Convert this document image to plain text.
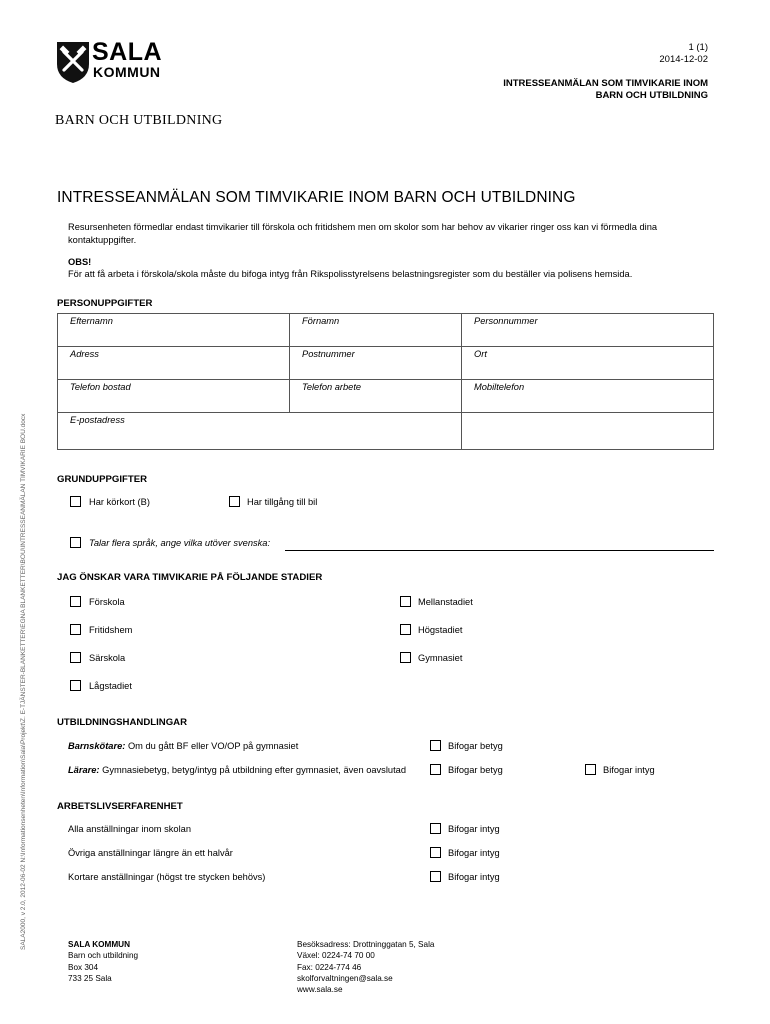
SALA
KOMMUN
1 (1)
2014-12-02
INTRESSEANMÄLAN SOM TIMVIKARIE INOM
BARN OCH UTBILDNING
BARN OCH UTBILDNING
SALA2000, v 2.0, 2012-06-02 N:\Informationsenheten\Information\Sala\Projekt\Z. E-TJÄNSTER-BLANKETTER\EGNA BLANKETTER\BOU\INTRESSEANMÄLAN TIMVIKARIE BOU.docx
INTRESSEANMÄLAN SOM TIMVIKARIE INOM BARN OCH UTBILDNING
Resursenheten förmedlar endast timvikarier till förskola och fritidshem men om skolor som har behov av vikarier ringer oss kan vi förmedla dina kontaktuppgifter.
OBS!
För att få arbeta i förskola/skola måste du bifoga intyg från Rikspolisstyrelsens belastningsregister som du beställer via polisens hemsida.
PERSONUPPGIFTER
Efternamn	Förnamn	Personnummer
Adress	Postnummer	Ort
Telefon bostad	Telefon arbete	Mobiltelefon
E-postadress		
GRUNDUPPGIFTER
Har körkort (B)	Har tillgång till bil
Talar flera språk, ange vilka utöver svenska:
JAG ÖNSKAR VARA TIMVIKARIE PÅ FÖLJANDE STADIER
Förskola	Mellanstadiet
Fritidshem	Högstadiet
Särskola	Gymnasiet
Lågstadiet
UTBILDNINGSHANDLINGAR
Barnskötare: Om du gått BF eller VO/OP på gymnasiet	Bifogar betyg
Lärare: Gymnasiebetyg, betyg/intyg på utbildning efter gymnasiet, även oavslutad	Bifogar betyg	Bifogar intyg
ARBETSLIVSERFARENHET
Alla anställningar inom skolan	Bifogar intyg
Övriga anställningar längre än ett halvår	Bifogar intyg
Kortare anställningar (högst tre stycken behövs)	Bifogar intyg
SALA KOMMUN
Barn och utbildning
Box 304
733 25 Sala
Besöksadress: Drottninggatan 5, Sala
Växel: 0224-74 70 00
Fax: 0224-774 46
skolforvaltningen@sala.se
www.sala.se
